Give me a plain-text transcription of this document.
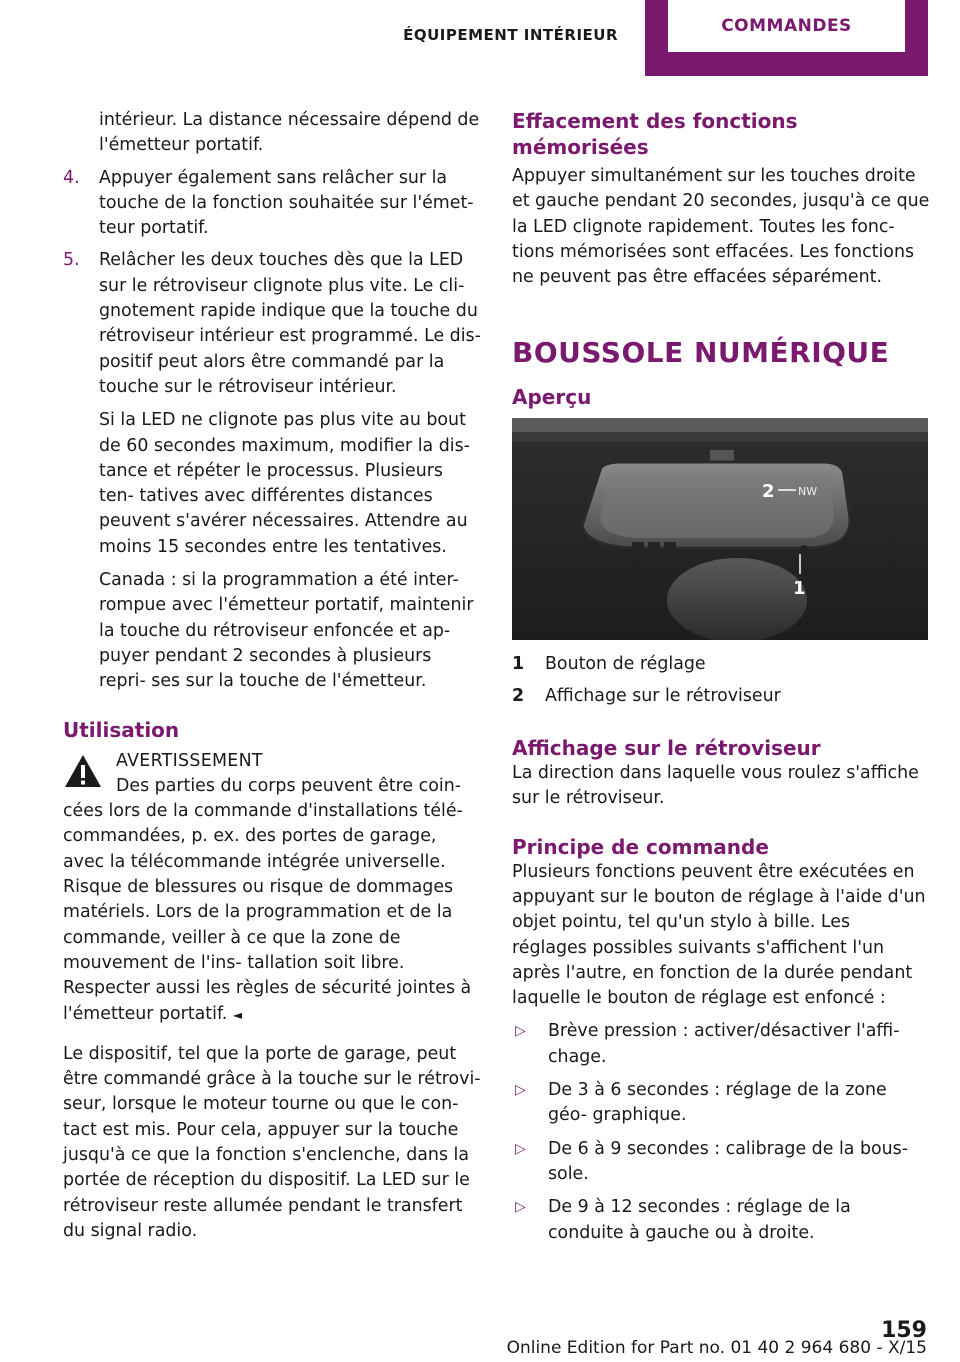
ÉQUIPEMENT INTÉRIEUR	COMMANDES

intérieur. La distance nécessaire dépend de l'émetteur portatif.

4. Appuyer également sans relâcher sur la touche de la fonction souhaitée sur l'émet- teur portatif.
5. Relâcher les deux touches dès que la LED sur le rétroviseur clignote plus vite. Le cli- gnotement rapide indique que la touche du rétroviseur intérieur est programmé. Le dis- positif peut alors être commandé par la touche sur le rétroviseur intérieur.

Si la LED ne clignote pas plus vite au bout de 60 secondes maximum, modifier la dis- tance et répéter le processus. Plusieurs ten- tatives avec différentes distances peuvent s'avérer nécessaires. Attendre au moins 15 secondes entre les tentatives.

Canada : si la programmation a été inter- rompue avec l'émetteur portatif, maintenir la touche du rétroviseur enfoncée et ap- puyer pendant 2 secondes à plusieurs repri- ses sur la touche de l'émetteur.

Utilisation
AVERTISSEMENT
Des parties du corps peuvent être coin-
cées lors de la commande d'installations télé- commandées, p. ex. des portes de garage, avec la télécommande intégrée universelle. Risque de blessures ou risque de dommages matériels. Lors de la programmation et de la commande, veiller à ce que la zone de mouvement de l'ins- tallation soit libre. Respecter aussi les règles de sécurité jointes à l'émetteur portatif. ◄

Le dispositif, tel que la porte de garage, peut être commandé grâce à la touche sur le rétrovi- seur, lorsque le moteur tourne ou que le con- tact est mis. Pour cela, appuyer sur la touche jusqu'à ce que la fonction s'enclenche, dans la portée de réception du dispositif. La LED sur le rétroviseur reste allumée pendant le transfert du signal radio.

Effacement des fonctions mémorisées

Appuyer simultanément sur les touches droite et gauche pendant 20 secondes, jusqu'à ce que la LED clignote rapidement. Toutes les fonc- tions mémorisées sont effacées. Les fonctions ne peuvent pas être effacées séparément.

BOUSSOLE NUMÉRIQUE
Aperçu
2 NW
1
1 Bouton de réglage
2 Affichage sur le rétroviseur
Affichage sur le rétroviseur

La direction dans laquelle vous roulez s'affiche sur le rétroviseur.

Principe de commande

Plusieurs fonctions peuvent être exécutées en appuyant sur le bouton de réglage à l'aide d'un objet pointu, tel qu'un stylo à bille. Les réglages possibles suivants s'affichent l'un après l'autre, en fonction de la durée pendant laquelle le bouton de réglage est enfoncé :

▷ Brève pression : activer/désactiver l'affi- chage.
▷ De 3 à 6 secondes : réglage de la zone géo- graphique.
▷ De 6 à 9 secondes : calibrage de la bous- sole.
▷ De 9 à 12 secondes : réglage de la conduite à gauche ou à droite.
159
Online Edition for Part no. 01 40 2 964 680 - X/15
